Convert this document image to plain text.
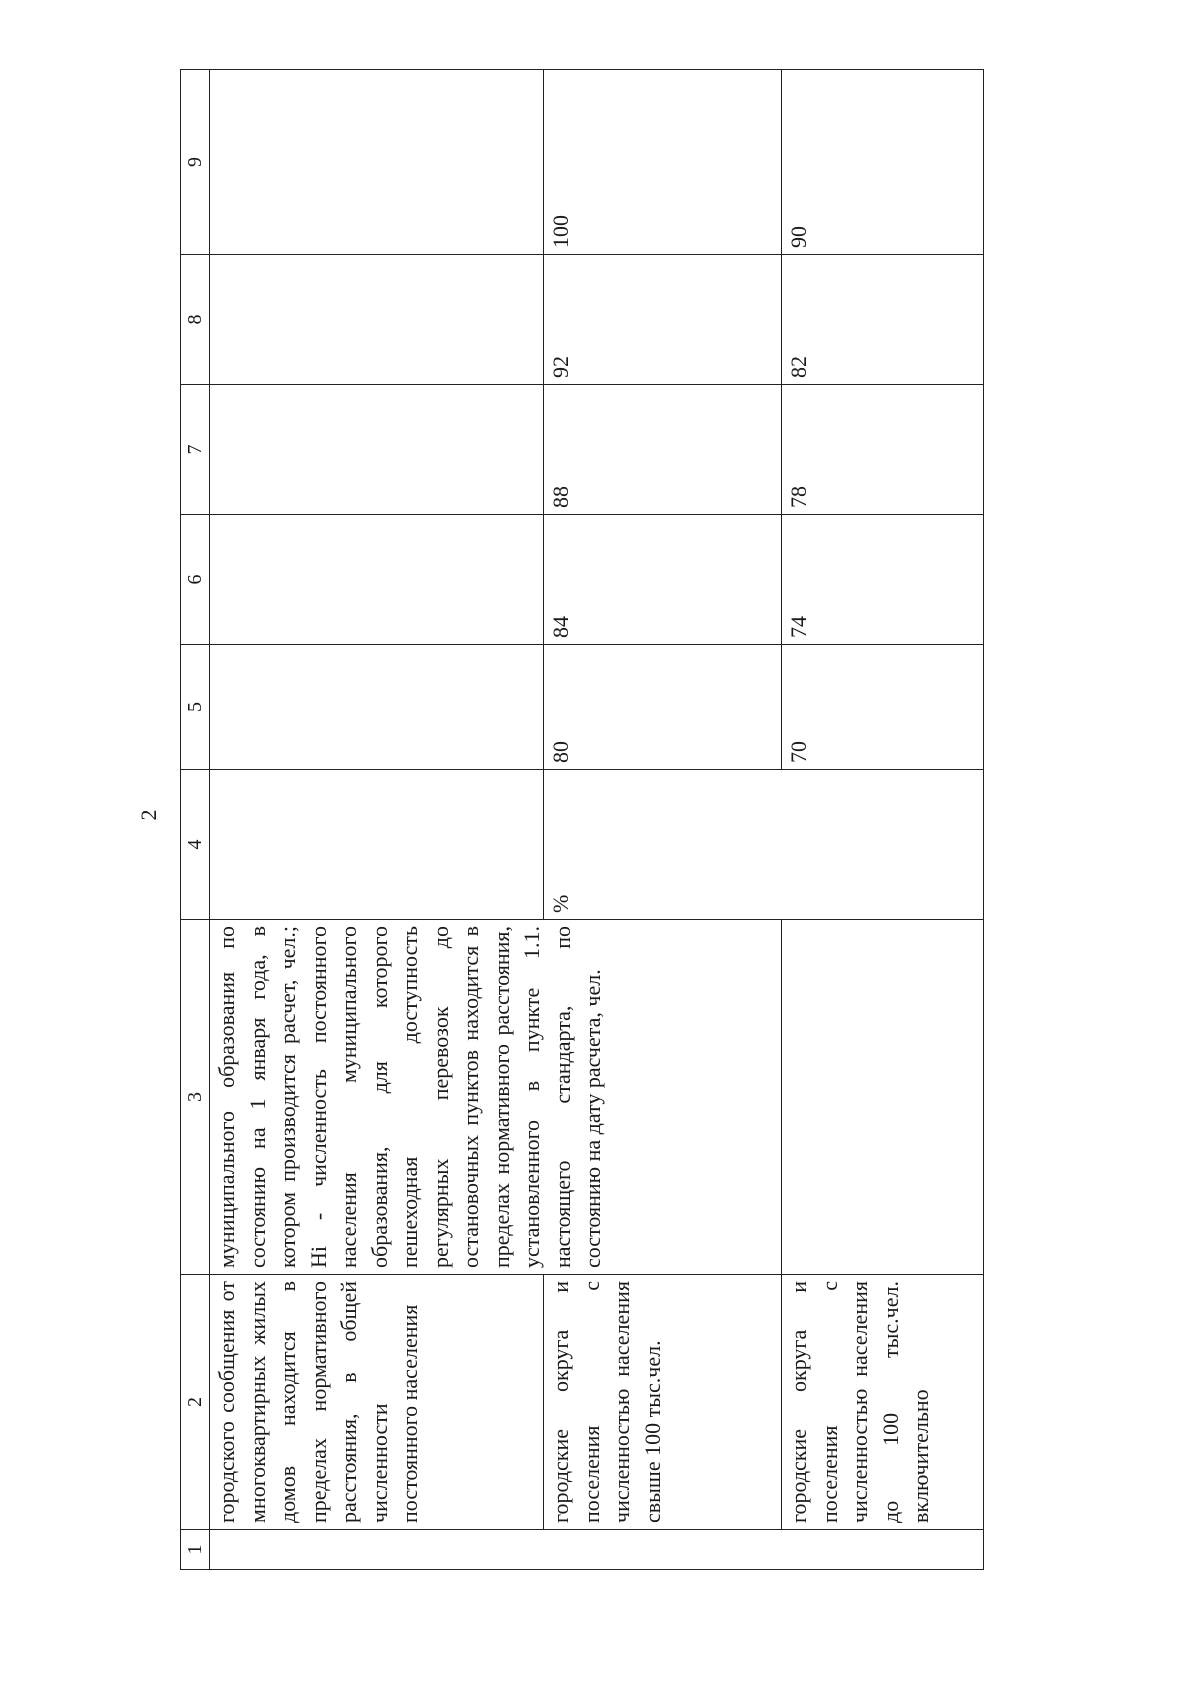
2
1	2	3	4	5	6	7	8	9
	городского сообщения от многоквартирных жилых домов находится в пределах нормативного расстояния, в общей численности постоянного населения	муниципального образования по состоянию на 1 января года, в котором производится расчет, чел.; Ні - численность постоянного населения муниципального образования, для которого пешеходная доступность регулярных перевозок до остановочных пунктов находится в пределах нормативного расстояния, установленного в пункте 1.1. настоящего стандарта, по состоянию на дату расчета, чел.						
	городские округа и поселения с численностью населения свыше 100 тыс.чел.		%	80	84	88	92	100
	городские округа и поселения с численностью населения до 100 тыс.чел. включительно			70	74	78	82	90
